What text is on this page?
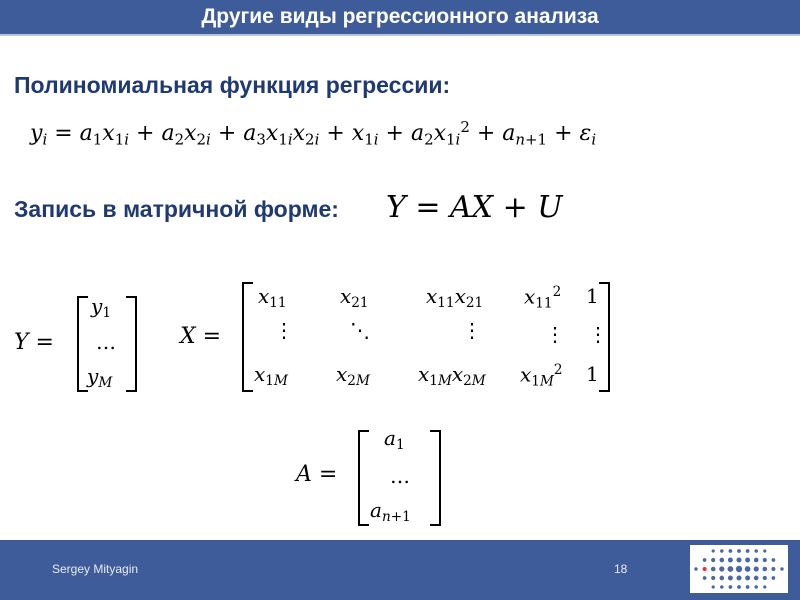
Другие виды регрессионного анализа
Полиномиальная функция регрессии:
$y_i = a_1x_{1i} + a_2x_{2i} + a_3x_{1i}x_{2i} + x_{1i} + a_2x_{1i}^2 + a_{n+1} + \varepsilon_i$
Запись в матричной форме: Y = AX + U
Y =
$y_1$
…
$y_M$
X =
$x_{11}$	$x_{21}$	$x_{11}x_{21}$ $x_{11}^2$ 1
⋮	⋱	⋮	⋮ ⋮
$x_{1M}$ $x_{2M}$ $x_{1M}x_{2M}$ $x_{1M}^2$ 1
A =
$a_1$
…
$a_{n+1}$
Sergey Mityagin	18
